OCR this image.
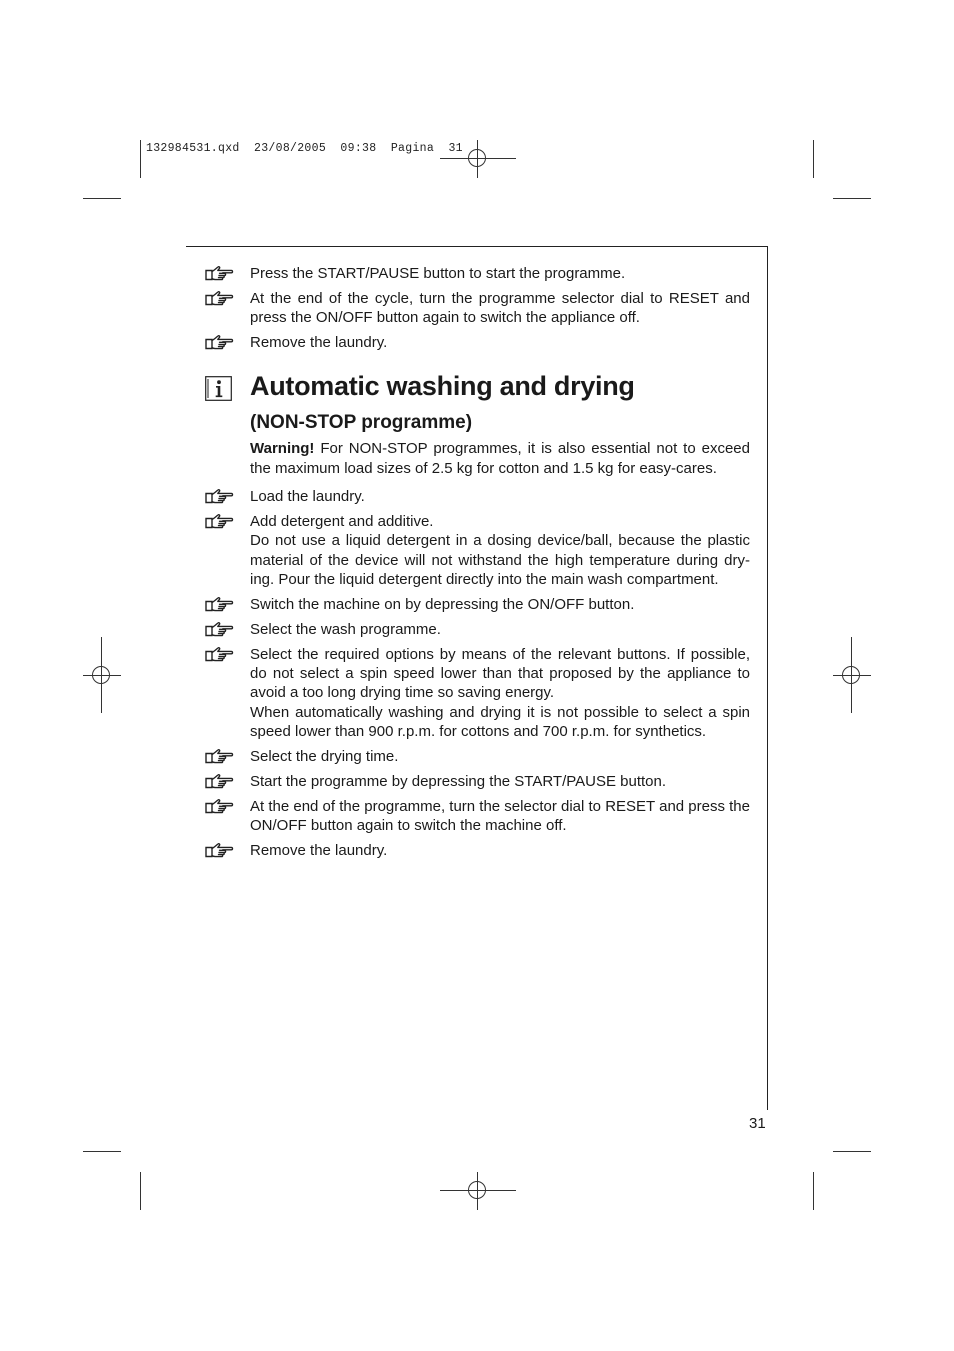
132984531.qxd  23/08/2005  09:38  Pagina  31

Press the START/PAUSE button to start the programme.

At the end of the cycle, turn the programme selector dial to RESET and press the ON/OFF button again to switch the appliance off.

Remove the laundry.

Automatic washing and drying
(NON-STOP programme)

Warning! For NON-STOP programmes, it is also essential not to exceed the maximum load sizes of 2.5 kg for cotton and 1.5 kg for easy-cares.

Load the laundry.

Add detergent and additive.

Do not use a liquid detergent in a dosing device/ball, because the plastic material of the device will not withstand the high temperature during dry-ing. Pour the liquid detergent directly into the main wash compartment.

Switch the machine on by depressing the ON/OFF button.

Select the wash programme.

Select the required options by means of the relevant buttons. If possible, do not select a spin speed lower than that proposed by the appliance to avoid a too long drying time so saving energy.

When automatically washing and drying it is not possible to select a spin speed lower than 900 r.p.m. for cottons and 700 r.p.m. for synthetics.

Select the drying time.

Start the programme by depressing the START/PAUSE button.

At the end of the programme, turn the selector dial to RESET and press the ON/OFF button again to switch the machine off.

Remove the laundry.

31
